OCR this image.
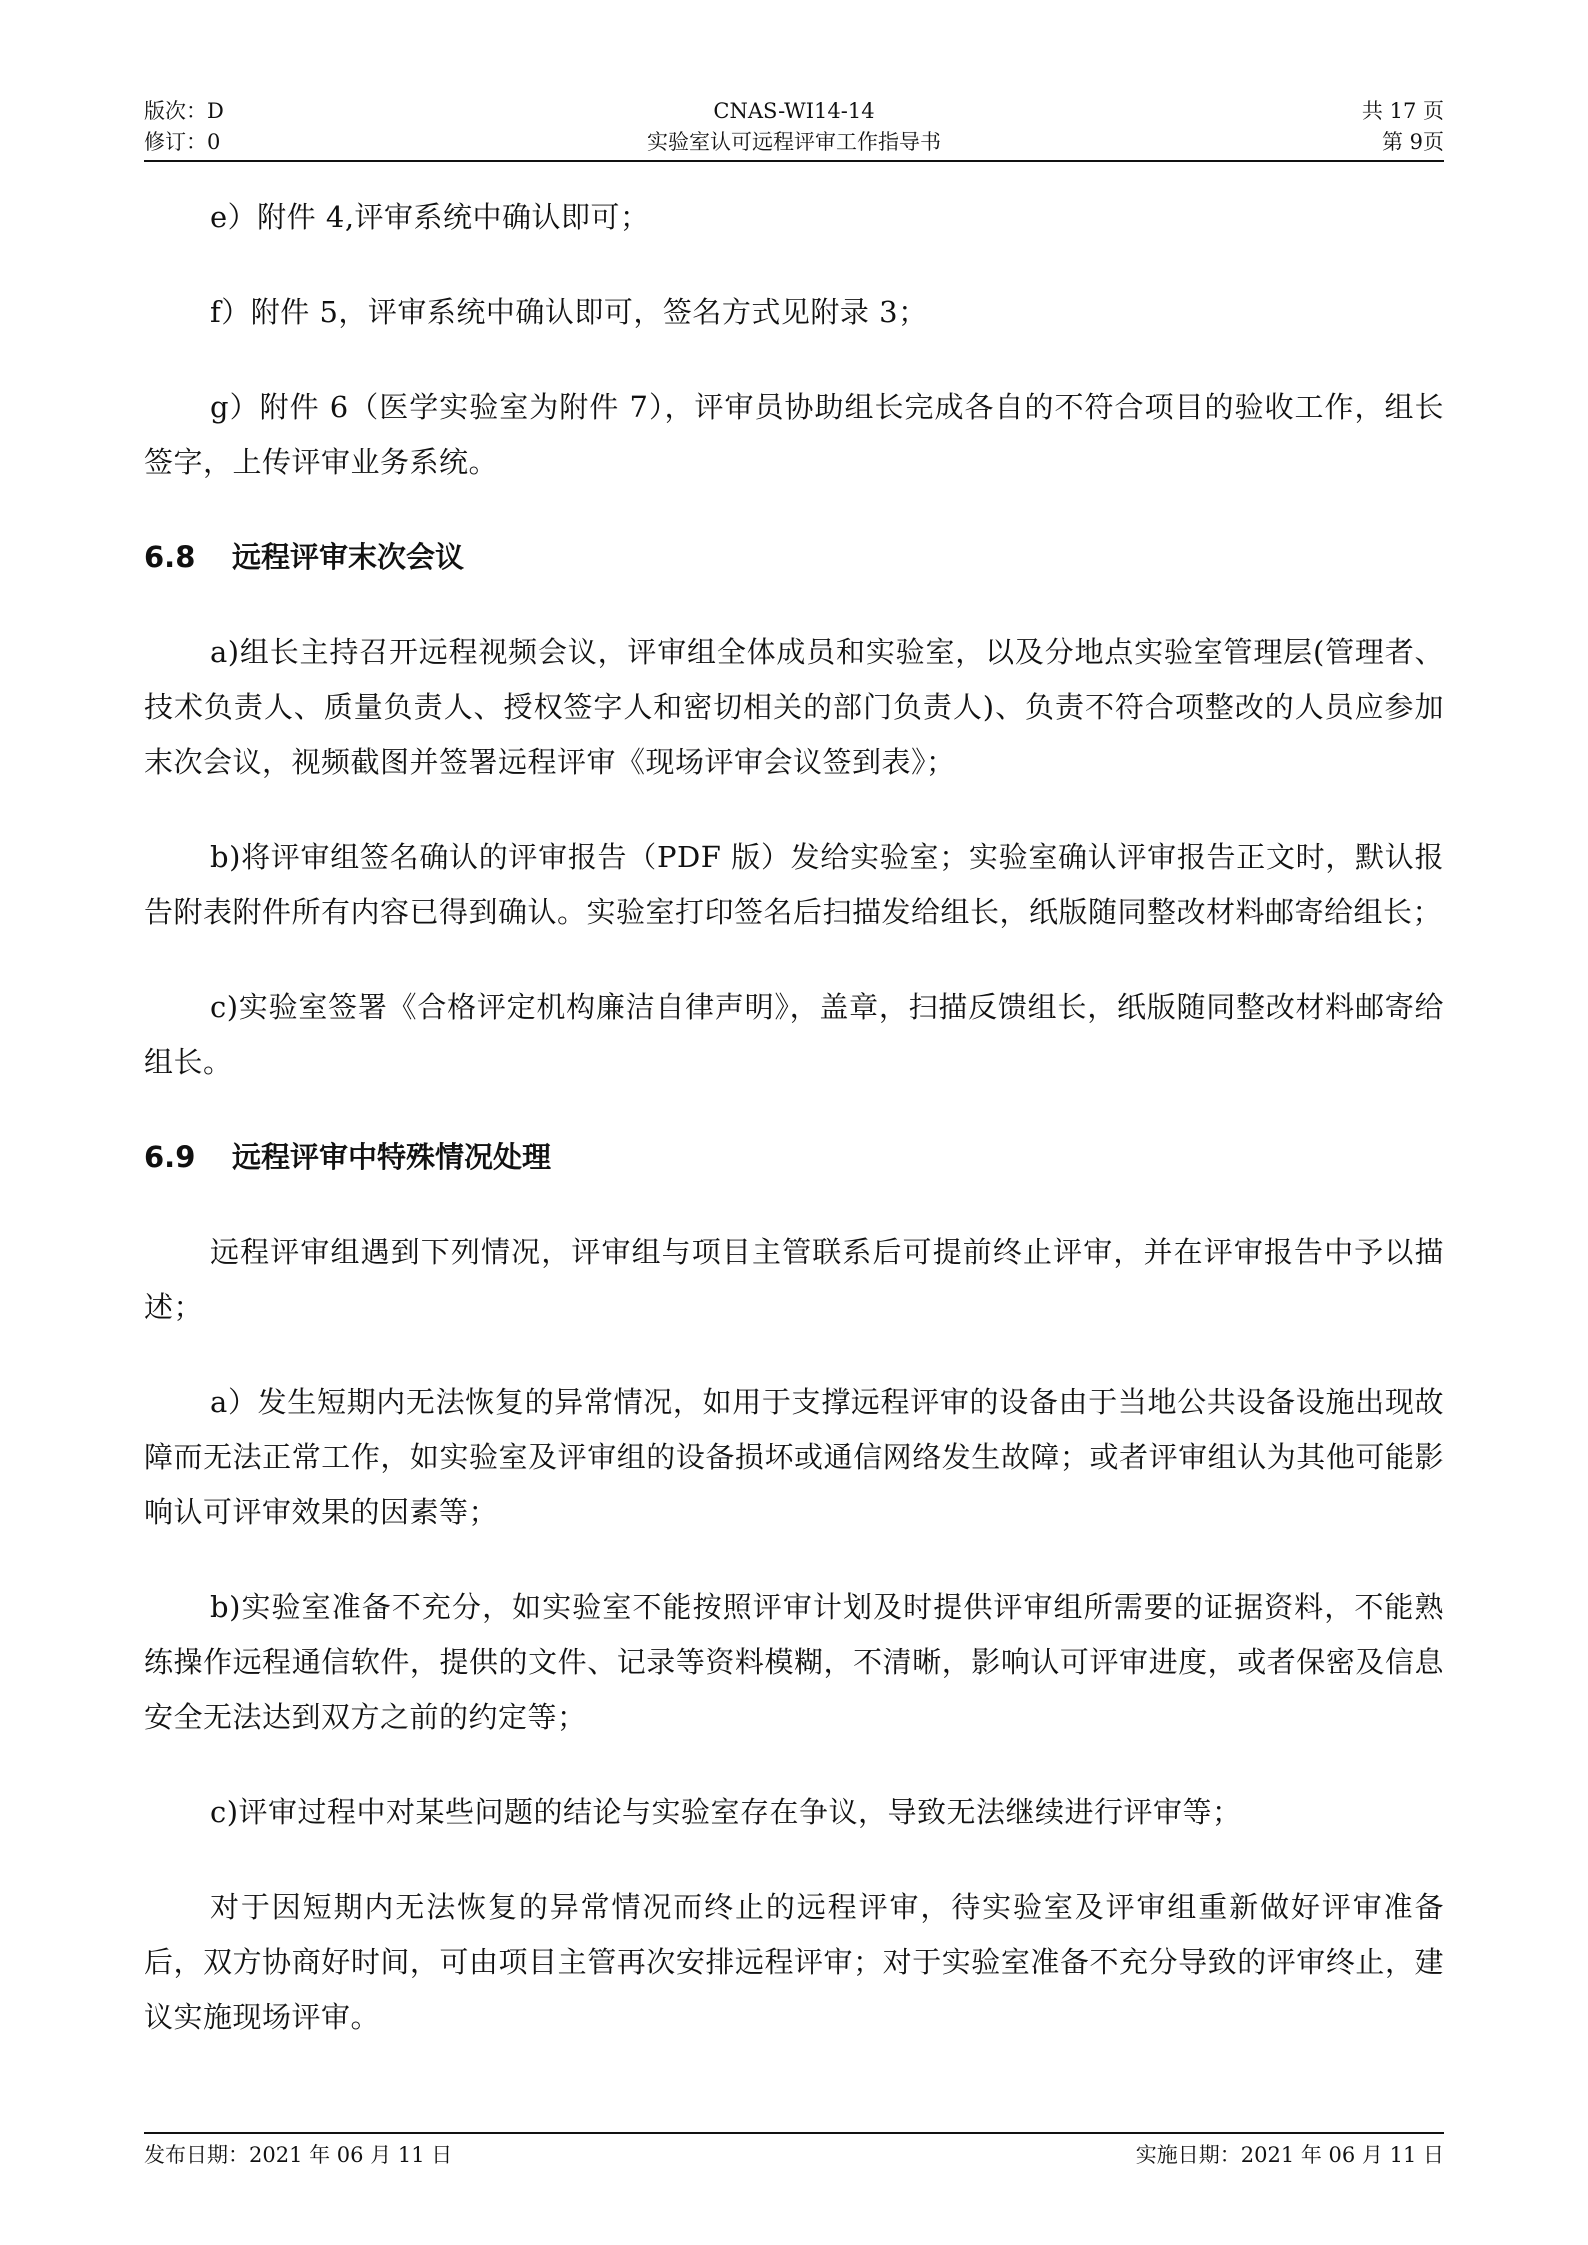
版次：D	CNAS-WI14-14	共 17 页
修订：0	实验室认可远程评审工作指导书	第 9页

e）附件 4,评审系统中确认即可；

f）附件 5，评审系统中确认即可，签名方式见附录 3；

g）附件 6（医学实验室为附件 7），评审员协助组长完成各自的不符合项目的验收工作，组长签字，上传评审业务系统。

6.8 远程评审末次会议

a)组长主持召开远程视频会议，评审组全体成员和实验室，以及分地点实验室管理层(管理者、技术负责人、质量负责人、授权签字人和密切相关的部门负责人)、负责不符合项整改的人员应参加末次会议，视频截图并签署远程评审《现场评审会议签到表》；

b)将评审组签名确认的评审报告（PDF 版）发给实验室；实验室确认评审报告正文时，默认报告附表附件所有内容已得到确认。实验室打印签名后扫描发给组长，纸版随同整改材料邮寄给组长；

c)实验室签署《合格评定机构廉洁自律声明》，盖章，扫描反馈组长，纸版随同整改材料邮寄给组长。

6.9 远程评审中特殊情况处理

远程评审组遇到下列情况，评审组与项目主管联系后可提前终止评审，并在评审报告中予以描述；

a）发生短期内无法恢复的异常情况，如用于支撑远程评审的设备由于当地公共设备设施出现故障而无法正常工作，如实验室及评审组的设备损坏或通信网络发生故障；或者评审组认为其他可能影响认可评审效果的因素等；

b)实验室准备不充分，如实验室不能按照评审计划及时提供评审组所需要的证据资料，不能熟练操作远程通信软件，提供的文件、记录等资料模糊，不清晰，影响认可评审进度，或者保密及信息安全无法达到双方之前的约定等；

c)评审过程中对某些问题的结论与实验室存在争议，导致无法继续进行评审等；

对于因短期内无法恢复的异常情况而终止的远程评审，待实验室及评审组重新做好评审准备后，双方协商好时间，可由项目主管再次安排远程评审；对于实验室准备不充分导致的评审终止，建议实施现场评审。

发布日期：2021 年 06 月 11 日	实施日期：2021 年 06 月 11 日
